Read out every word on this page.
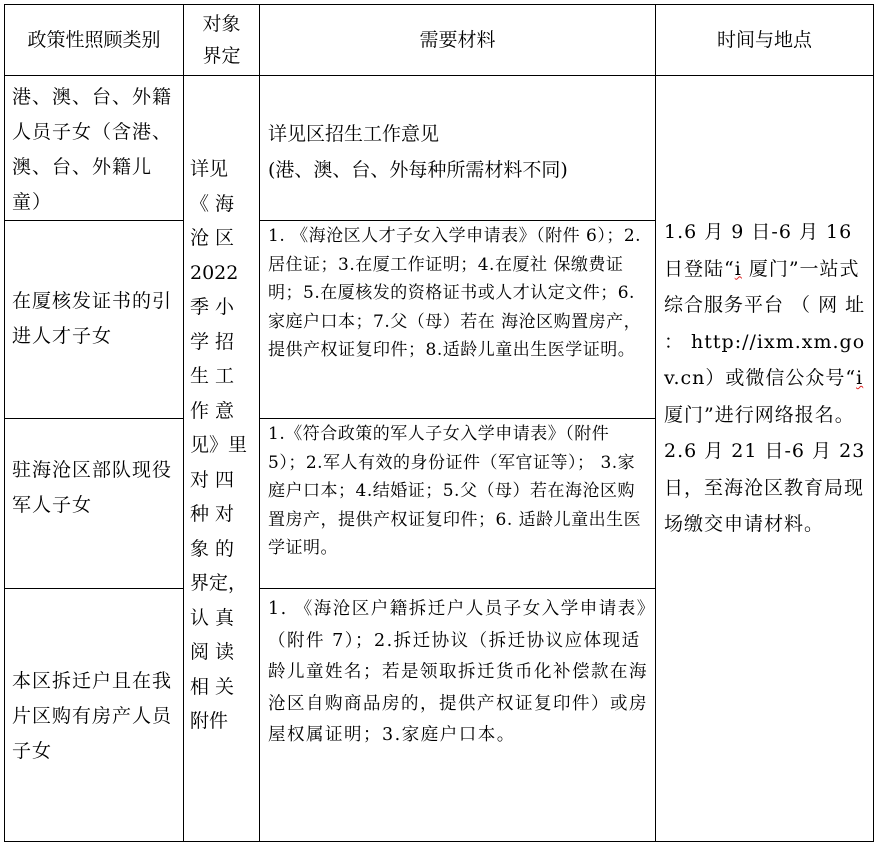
政策性照顾类别
对象
界定
需要材料	时间与地点
港、澳、台、外籍人员子女（含港、澳、台、外籍儿童）
在厦核发证书的引进人才子女
驻海沧区部队现役军人子女
本区拆迁户且在我片区购有房产人员子女
详见
《 海
沧 区
2022
季 小
学 招
生 工
作 意
见》里
对 四
种 对
象 的
界定，
认 真
阅 读
相 关
附件
详见区招生工作意见
(港、澳、台、外每种所需材料不同)
1. 《海沧区人才子女入学申请表》（附件 6）；2.居住证；3.在厦工作证明；4.在厦社 保缴费证明；5.在厦核发的资格证书或人才认定文件；6.家庭户口本；7.父（母）若在 海沧区购置房产，提供产权证复印件；8.适龄儿童出生医学证明。
1.《符合政策的军人子女入学申请表》（附件 5）；2.军人有效的身份证件（军官证等）； 3.家庭户口本；4.结婚证；5.父（母）若在海沧区购置房产，提供产权证复印件；6. 适龄儿童出生医学证明。
1. 《海沧区户籍拆迁户人员子女入学申请表》（附件 7）；2.拆迁协议（拆迁协议应体现适龄儿童姓名；若是领取拆迁货币化补偿款在海沧区自购商品房的，提供产权证复印件）或房屋权属证明；3.家庭户口本。
1.6 月 9 日-6 月 16 日登陆“i 厦门”一站式综合服务平台 （ 网 址 ： http://ixm.xm.gov.cn）或微信公众号“i 厦门”进行网络报名。
2.6 月 21 日-6 月 23 日，至海沧区教育局现场缴交申请材料。
